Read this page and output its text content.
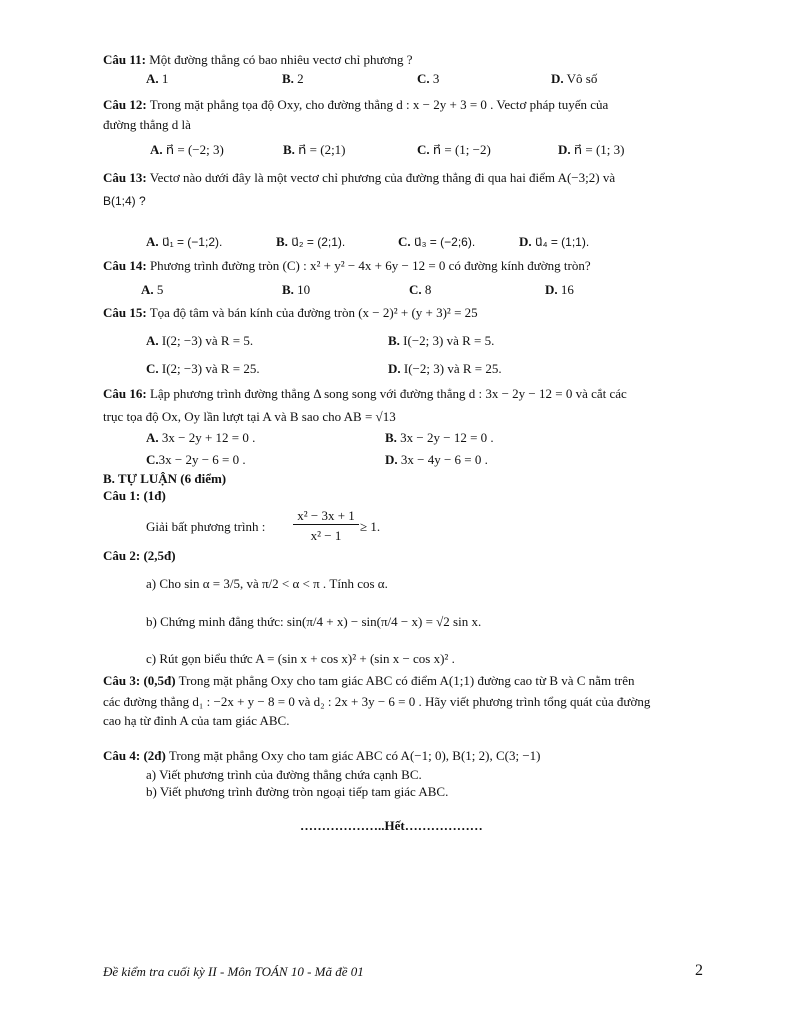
Câu 11: Một đường thẳng có bao nhiêu vectơ chỉ phương ?
A. 1	B. 2	C. 3	D. Vô số
Câu 12: Trong mặt phẳng tọa độ Oxy, cho đường thẳng d : x − 2y + 3 = 0 . Vectơ pháp tuyến của
đường thẳng d là
A. n⃗ = (−2; 3)	B. n⃗ = (2;1)	C. n⃗ = (1; −2)	D. n⃗ = (1; 3)
Câu 13: Vectơ nào dưới đây là một vectơ chỉ phương của đường thẳng đi qua hai điểm A(−3;2) và
B(1;4) ?
A. u⃗₁ = (−1;2).	B. u⃗₂ = (2;1).	C. u⃗₃ = (−2;6).	D. u⃗₄ = (1;1).
Câu 14: Phương trình đường tròn (C) : x² + y² − 4x + 6y − 12 = 0 có đường kính đường tròn?
A. 5	B. 10	C. 8	D. 16
Câu 15: Tọa độ tâm và bán kính của đường tròn (x − 2)² + (y + 3)² = 25
A. I(2; −3) và R = 5.	B. I(−2; 3) và R = 5.
C. I(2; −3) và R = 25.	D. I(−2; 3) và R = 25.
Câu 16: Lập phương trình đường thẳng Δ song song với đường thẳng d : 3x − 2y − 12 = 0 và cắt các
trục tọa độ Ox, Oy lần lượt tại A và B sao cho AB = √13
A. 3x − 2y + 12 = 0 .	B. 3x − 2y − 12 = 0 .
C.3x − 2y − 6 = 0 .	D. 3x − 4y − 6 = 0 .
B. TỰ LUẬN (6 điểm)
Câu 1: (1đ)
Giải bất phương trình :
x² − 3x + 1
x² − 1
≥ 1.
Câu 2: (2,5đ)
a) Cho sin α = 3/5, và π/2 < α < π . Tính cos α.
b) Chứng minh đẳng thức: sin(π/4 + x) − sin(π/4 − x) = √2 sin x.
c) Rút gọn biểu thức A = (sin x + cos x)² + (sin x − cos x)² .
Câu 3: (0,5đ) Trong mặt phẳng Oxy cho tam giác ABC có điểm A(1;1) đường cao từ B và C nằm trên
các đường thẳng d₁ : −2x + y − 8 = 0 và d₂ : 2x + 3y − 6 = 0 . Hãy viết phương trình tổng quát của đường
cao hạ từ đỉnh A của tam giác ABC.
Câu 4: (2đ) Trong mặt phẳng Oxy cho tam giác ABC có A(−1; 0), B(1; 2), C(3; −1)
a) Viết phương trình của đường thẳng chứa cạnh BC.
b) Viết phương trình đường tròn ngoại tiếp tam giác ABC.
………………..Hết………………
Đề kiểm tra cuối kỳ II - Môn TOÁN 10 - Mã đề 01	2
